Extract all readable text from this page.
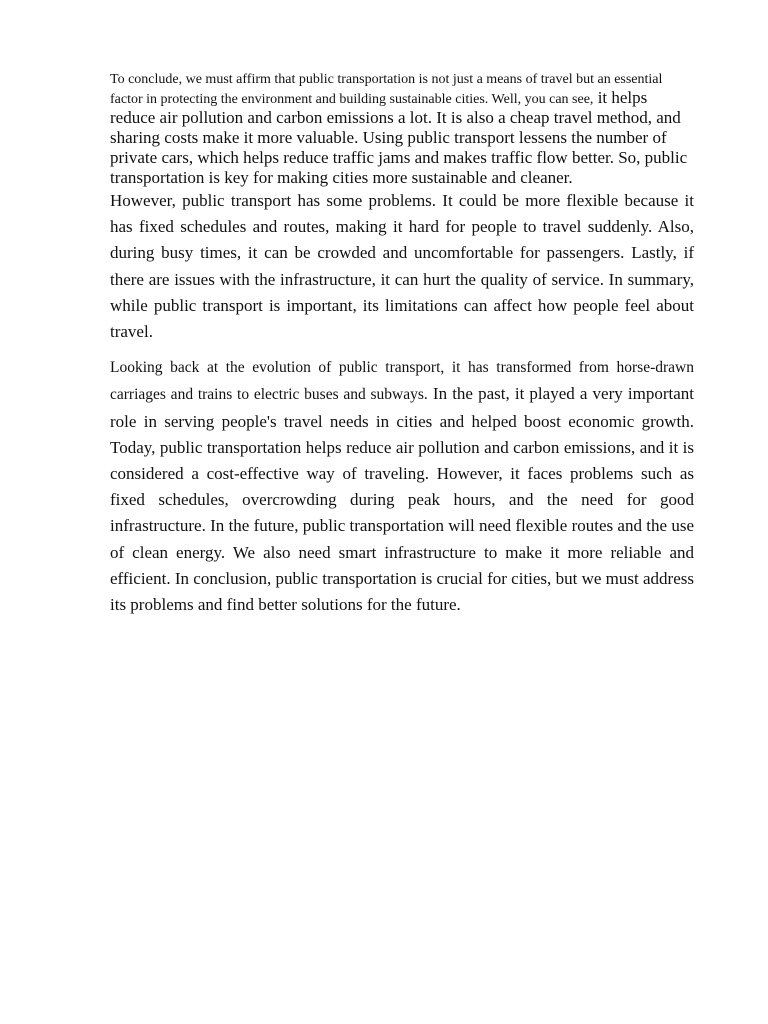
To conclude, we must affirm that public transportation is not just a means of travel but an essential factor in protecting the environment and building sustainable cities. Well, you can see, it helps reduce air pollution and carbon emissions a lot. It is also a cheap travel method, and sharing costs make it more valuable. Using public transport lessens the number of private cars, which helps reduce traffic jams and makes traffic flow better. So, public transportation is key for making cities more sustainable and cleaner.

However, public transport has some problems. It could be more flexible because it has fixed schedules and routes, making it hard for people to travel suddenly. Also, during busy times, it can be crowded and uncomfortable for passengers. Lastly, if there are issues with the infrastructure, it can hurt the quality of service. In summary, while public transport is important, its limitations can affect how people feel about travel.

Looking back at the evolution of public transport, it has transformed from horse-drawn carriages and trains to electric buses and subways. In the past, it played a very important role in serving people's travel needs in cities and helped boost economic growth. Today, public transportation helps reduce air pollution and carbon emissions, and it is considered a cost-effective way of traveling. However, it faces problems such as fixed schedules, overcrowding during peak hours, and the need for good infrastructure. In the future, public transportation will need flexible routes and the use of clean energy. We also need smart infrastructure to make it more reliable and efficient. In conclusion, public transportation is crucial for cities, but we must address its problems and find better solutions for the future.
